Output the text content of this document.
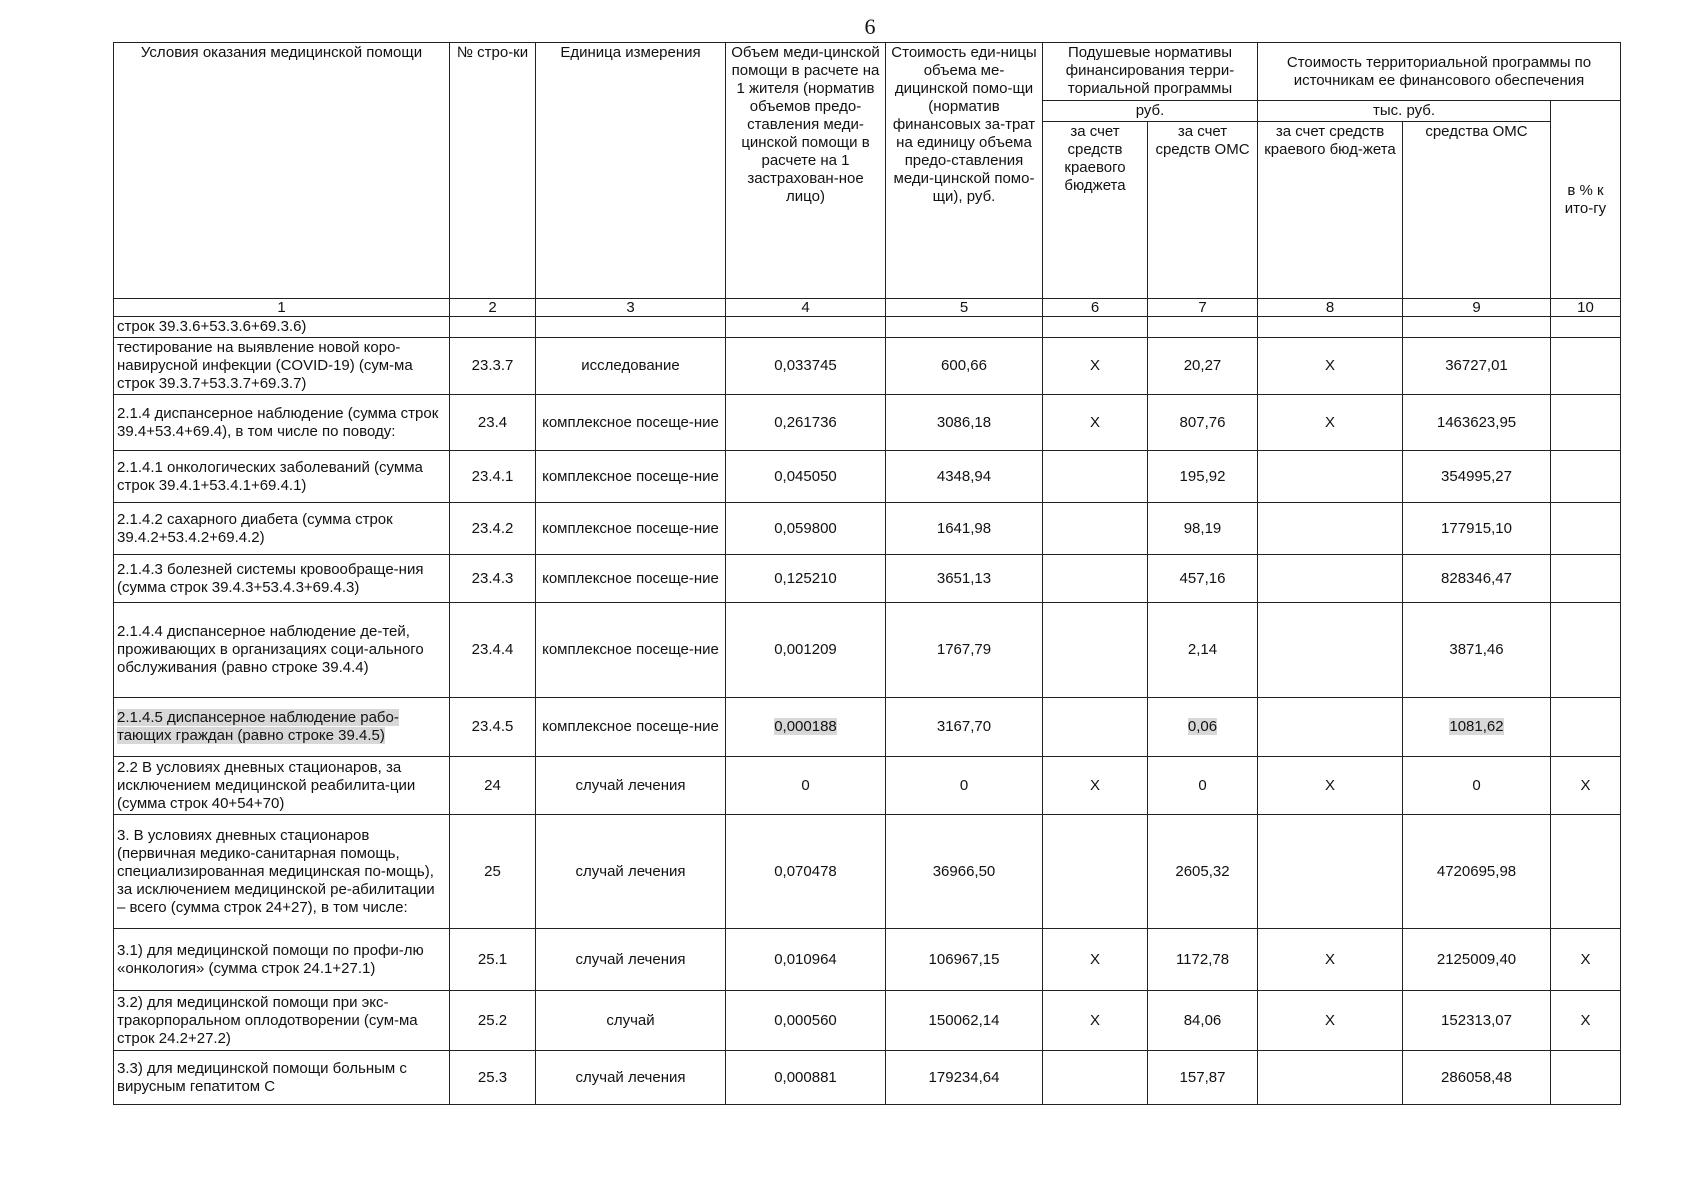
6
Условия оказания медицинской помощи	№ стро-ки	Единица измерения	Объем меди-цинской помощи в расчете на 1 жителя (норматив объемов предо-ставления меди-цинской помощи в расчете на 1 застрахован-ное лицо)	Стоимость еди-ницы объема ме-дицинской помо-щи (норматив финансовых за-трат на единицу объема предо-ставления меди-цинской помо-щи), руб.	Подушевые нормативы финансирования терри-ториальной программы		Стоимость территориальной программы по источникам ее финансового обеспечения		
					руб.		тыс. руб.		в % к ито-гу
					за счет средств краевого бюджета	за счет средств ОМС	за счет средств краевого бюд-жета	средства ОМС	
1	2	3	4	5	6	7	8	9	10
строк 39.3.6+53.3.6+69.3.6)									
тестирование на выявление новой коро-навирусной инфекции (COVID-19) (сум-ма строк 39.3.7+53.3.7+69.3.7)	23.3.7	исследование	0,033745	600,66	X	20,27	X	36727,01	
2.1.4 диспансерное наблюдение (сумма строк 39.4+53.4+69.4), в том числе по поводу:	23.4	комплексное посеще-ние	0,261736	3086,18	X	807,76	X	1463623,95	
2.1.4.1 онкологических заболеваний (сумма строк 39.4.1+53.4.1+69.4.1)	23.4.1	комплексное посеще-ние	0,045050	4348,94		195,92		354995,27	
2.1.4.2 сахарного диабета (сумма строк 39.4.2+53.4.2+69.4.2)	23.4.2	комплексное посеще-ние	0,059800	1641,98		98,19		177915,10	
2.1.4.3 болезней системы кровообраще-ния (сумма строк 39.4.3+53.4.3+69.4.3)	23.4.3	комплексное посеще-ние	0,125210	3651,13		457,16		828346,47	
2.1.4.4 диспансерное наблюдение де-тей, проживающих в организациях соци-ального обслуживания (равно строке 39.4.4)	23.4.4	комплексное посеще-ние	0,001209	1767,79		2,14		3871,46	
2.1.4.5 диспансерное наблюдение рабо-тающих граждан (равно строке 39.4.5)	23.4.5	комплексное посеще-ние	0,000188	3167,70		0,06		1081,62	
2.2 В условиях дневных стационаров, за исключением медицинской реабилита-ции (сумма строк 40+54+70)	24	случай лечения	0	0	X	0	X	0	X
3. В условиях дневных стационаров (первичная медико-санитарная помощь, специализированная медицинская по-мощь), за исключением медицинской ре-абилитации – всего (сумма строк 24+27), в том числе:	25	случай лечения	0,070478	36966,50		2605,32		4720695,98	
3.1) для медицинской помощи по профи-лю «онкология» (сумма строк 24.1+27.1)	25.1	случай лечения	0,010964	106967,15	X	1172,78	X	2125009,40	X
3.2) для медицинской помощи при экс-тракорпоральном оплодотворении (сум-ма строк 24.2+27.2)	25.2	случай	0,000560	150062,14	X	84,06	X	152313,07	X
3.3) для медицинской помощи больным с вирусным гепатитом С	25.3	случай лечения	0,000881	179234,64		157,87		286058,48	
